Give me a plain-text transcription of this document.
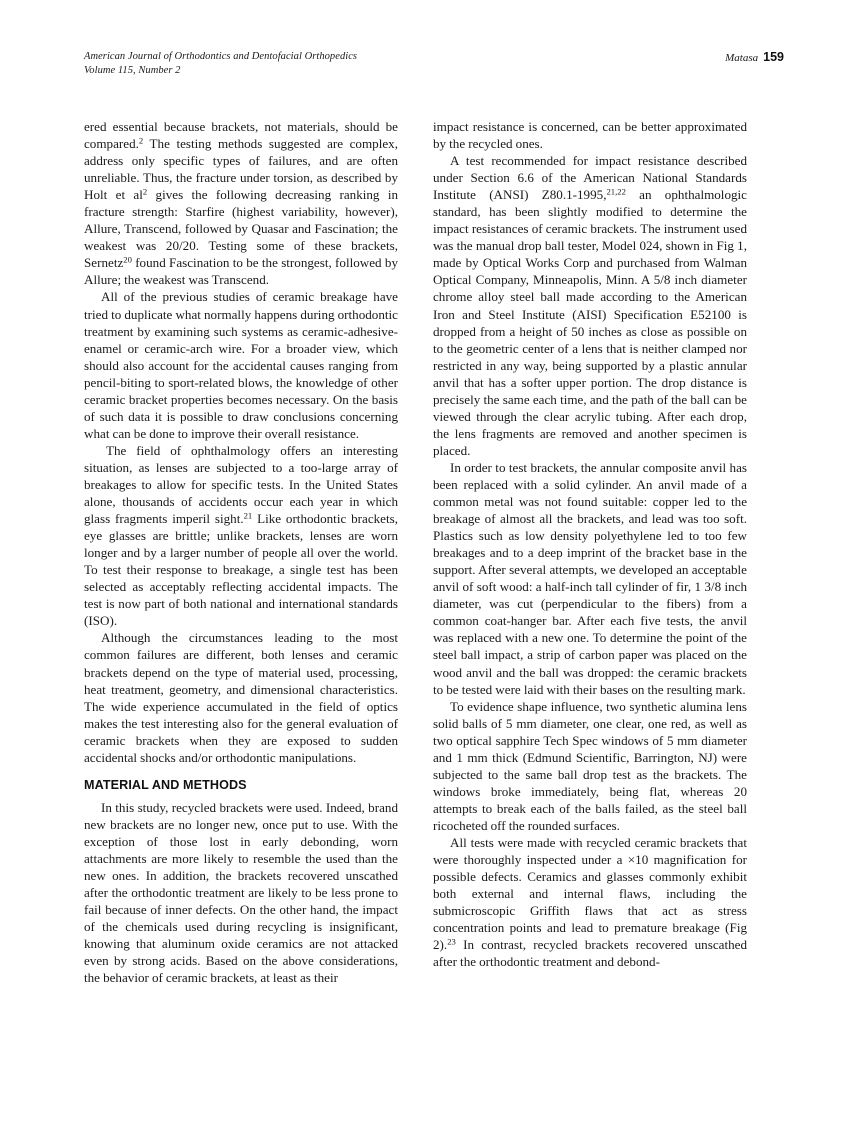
American Journal of Orthodontics and Dentofacial Orthopedics
Volume 115, Number 2
Matasa 159

ered essential because brackets, not materials, should be compared.$^2$ The testing methods suggested are complex, address only specific types of failures, and are often unreliable. Thus, the fracture under torsion, as described by Holt et $al^2$ gives the following decreasing ranking in fracture strength: Starfire (highest variability, however), Allure, Transcend, followed by Quasar and Fascination; the weakest was 20/20. Testing some of these brackets, Sernetz$^{20}$ found Fascination to be the strongest, followed by Allure; the weakest was Transcend.

All of the previous studies of ceramic breakage have tried to duplicate what normally happens during orthodontic treatment by examining such systems as ceramic-adhesive-enamel or ceramic-arch wire. For a broader view, which should also account for the accidental causes ranging from pencil-biting to sport-related blows, the knowledge of other ceramic bracket properties becomes necessary. On the basis of such data it is possible to draw conclusions concerning what can be done to improve their overall resistance.

The field of ophthalmology offers an interesting situation, as lenses are subjected to a too-large array of breakages to allow for specific tests. In the United States alone, thousands of accidents occur each year in which glass fragments imperil sight.$^{21}$ Like orthodontic brackets, eye glasses are brittle; unlike brackets, lenses are worn longer and by a larger number of people all over the world. To test their response to breakage, a single test has been selected as acceptably reflecting accidental impacts. The test is now part of both national and international standards (ISO).

Although the circumstances leading to the most common failures are different, both lenses and ceramic brackets depend on the type of material used, processing, heat treatment, geometry, and dimensional characteristics. The wide experience accumulated in the field of optics makes the test interesting also for the general evaluation of ceramic brackets when they are exposed to sudden accidental shocks and/or orthodontic manipulations.

MATERIAL AND METHODS

In this study, recycled brackets were used. Indeed, brand new brackets are no longer new, once put to use. With the exception of those lost in early debonding, worn attachments are more likely to resemble the used than the new ones. In addition, the brackets recovered unscathed after the orthodontic treatment are likely to be less prone to fail because of inner defects. On the other hand, the impact of the chemicals used during recycling is insignificant, knowing that aluminum oxide ceramics are not attacked even by strong acids. Based on the above considerations, the behavior of ceramic brackets, at least as their

impact resistance is concerned, can be better approximated by the recycled ones.

A test recommended for impact resistance described under Section 6.6 of the American National Standards Institute (ANSI) Z80.1-1995,$^{21,22}$ an ophthalmologic standard, has been slightly modified to determine the impact resistances of ceramic brackets. The instrument used was the manual drop ball tester, Model 024, shown in Fig 1, made by Optical Works Corp and purchased from Walman Optical Company, Minneapolis, Minn. A 5/8 inch diameter chrome alloy steel ball made according to the American Iron and Steel Institute (AISI) Specification E52100 is dropped from a height of 50 inches as close as possible on to the geometric center of a lens that is neither clamped nor restricted in any way, being supported by a plastic annular anvil that has a softer upper portion. The drop distance is precisely the same each time, and the path of the ball can be viewed through the clear acrylic tubing. After each drop, the lens fragments are removed and another specimen is placed.

In order to test brackets, the annular composite anvil has been replaced with a solid cylinder. An anvil made of a common metal was not found suitable: copper led to the breakage of almost all the brackets, and lead was too soft. Plastics such as low density polyethylene led to too few breakages and to a deep imprint of the bracket base in the support. After several attempts, we developed an acceptable anvil of soft wood: a half-inch tall cylinder of fir, 1 3/8 inch diameter, was cut (perpendicular to the fibers) from a common coat-hanger bar. After each five tests, the anvil was replaced with a new one. To determine the point of the steel ball impact, a strip of carbon paper was placed on the wood anvil and the ball was dropped: the ceramic brackets to be tested were laid with their bases on the resulting mark.

To evidence shape influence, two synthetic alumina lens solid balls of 5 mm diameter, one clear, one red, as well as two optical sapphire Tech Spec windows of 5 mm diameter and 1 mm thick (Edmund Scientific, Barrington, NJ) were subjected to the same ball drop test as the brackets. The windows broke immediately, being flat, whereas 20 attempts to break each of the balls failed, as the steel ball ricocheted off the rounded surfaces.

All tests were made with recycled ceramic brackets that were thoroughly inspected under a ×10 magnification for possible defects. Ceramics and glasses commonly exhibit both external and internal flaws, including the submicroscopic Griffith flaws that act as stress concentration points and lead to premature breakage (Fig 2).$^{23}$ In contrast, recycled brackets recovered unscathed after the orthodontic treatment and debond-
